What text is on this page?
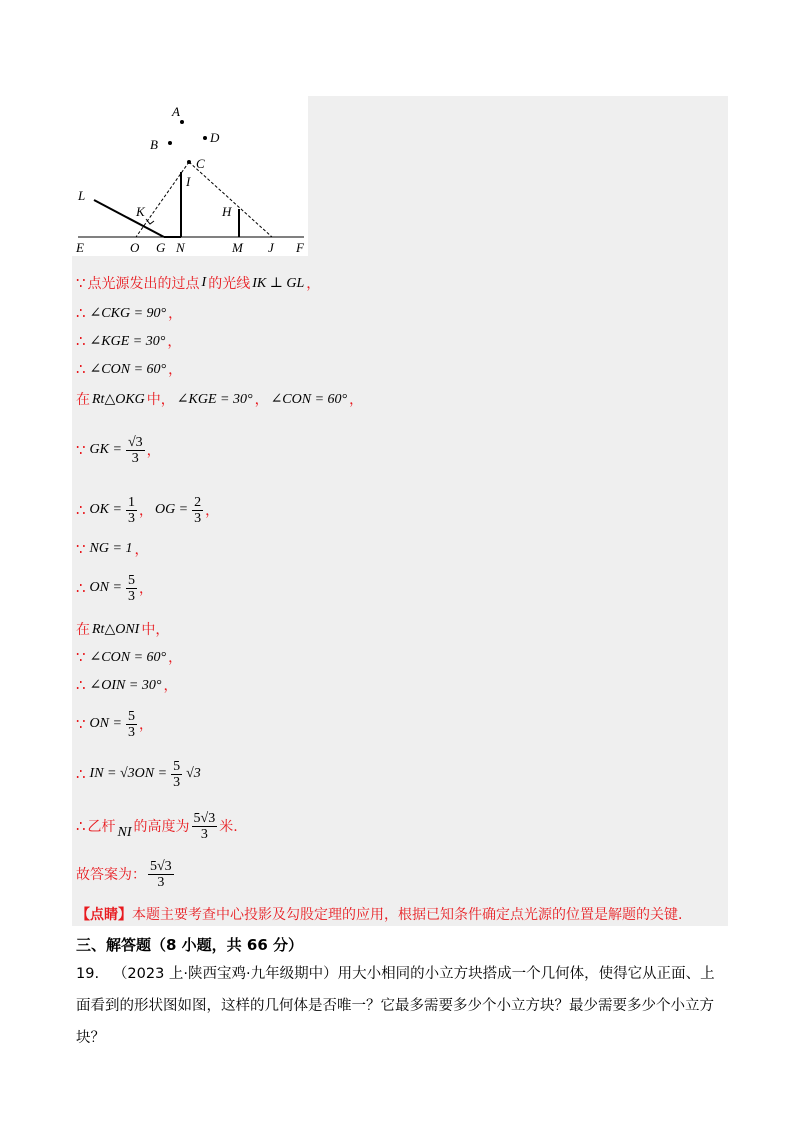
A
B	D
C
I
L
K	H
E	O G N	M J F
∵ 点光源发出的过点 I 的光线 IK ⊥ GL ，
∴ ∠CKG = 90° ，
∴ ∠KGE = 30° ，
∴ ∠CON = 60° ，
在 Rt△OKG 中， ∠KGE = 30° ， ∠CON = 60° ，
∵ GK = $\frac{√3}{3}$ ，
∴ OK = $\frac{1}{3}$ ， OG = $\frac{2}{3}$ ，
∵ NG = 1 ，
∴ ON = $\frac{5}{3}$ ，
在 Rt△ONI 中，
∵ ∠CON = 60° ，
∴ ∠OIN = 30° ，
∵ ON = $\frac{5}{3}$ ，
∴ IN = $√3ON = \frac{5}{3} √3$
∴ 乙杆 NI 的高度为 $\frac{5√3}{3}$ 米.
故答案为： $\frac{5√3}{3}$
【点睛】本题主要考查中心投影及勾股定理的应用，根据已知条件确定点光源的位置是解题的关键.
三、解答题（8 小题，共 66 分）
19. （2023 上·陕西宝鸡·九年级期中）用大小相同的小立方块搭成一个几何体，使得它从正面、上面看到的形状图如图，这样的几何体是否唯一？它最多需要多少个小立方块？最少需要多少个小立方块？
